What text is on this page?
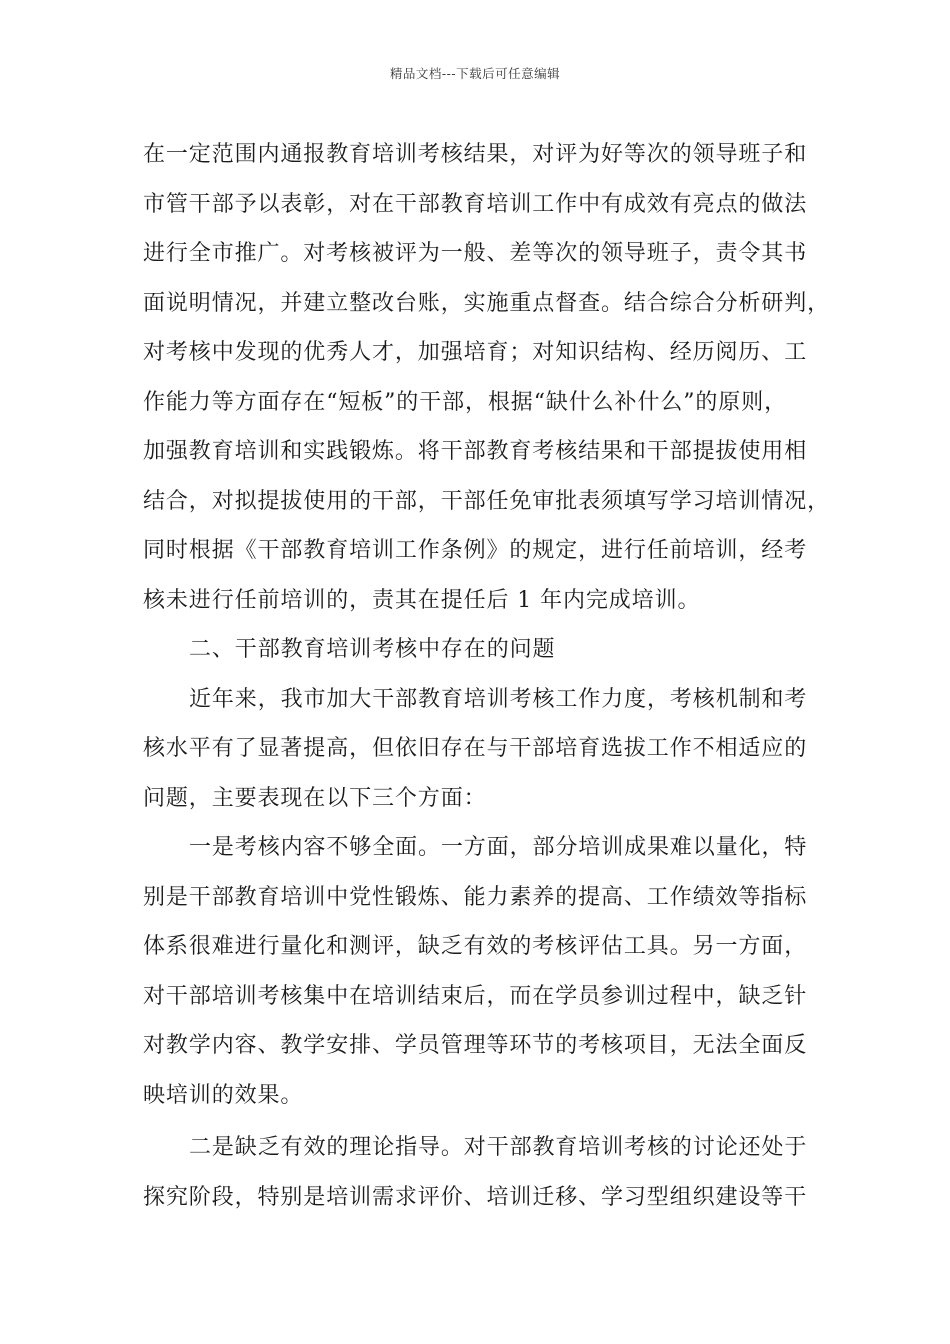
精品文档---下载后可任意编辑
在一定范围内通报教育培训考核结果，对评为好等次的领导班子和
市管干部予以表彰，对在干部教育培训工作中有成效有亮点的做法
进行全市推广。对考核被评为一般、差等次的领导班子，责令其书
面说明情况，并建立整改台账，实施重点督查。结合综合分析研判，
对考核中发现的优秀人才，加强培育；对知识结构、经历阅历、工
作能力等方面存在“短板”的干部，根据“缺什么补什么”的原则，
加强教育培训和实践锻炼。将干部教育考核结果和干部提拔使用相
结合，对拟提拔使用的干部，干部任免审批表须填写学习培训情况，
同时根据《干部教育培训工作条例》的规定，进行任前培训，经考
核未进行任前培训的，责其在提任后 1 年内完成培训。
二、干部教育培训考核中存在的问题
近年来，我市加大干部教育培训考核工作力度，考核机制和考
核水平有了显著提高，但依旧存在与干部培育选拔工作不相适应的
问题，主要表现在以下三个方面：
一是考核内容不够全面。一方面，部分培训成果难以量化，特
别是干部教育培训中党性锻炼、能力素养的提高、工作绩效等指标
体系很难进行量化和测评，缺乏有效的考核评估工具。另一方面，
对干部培训考核集中在培训结束后，而在学员参训过程中，缺乏针
对教学内容、教学安排、学员管理等环节的考核项目，无法全面反
映培训的效果。
二是缺乏有效的理论指导。对干部教育培训考核的讨论还处于
探究阶段，特别是培训需求评价、培训迁移、学习型组织建设等干
